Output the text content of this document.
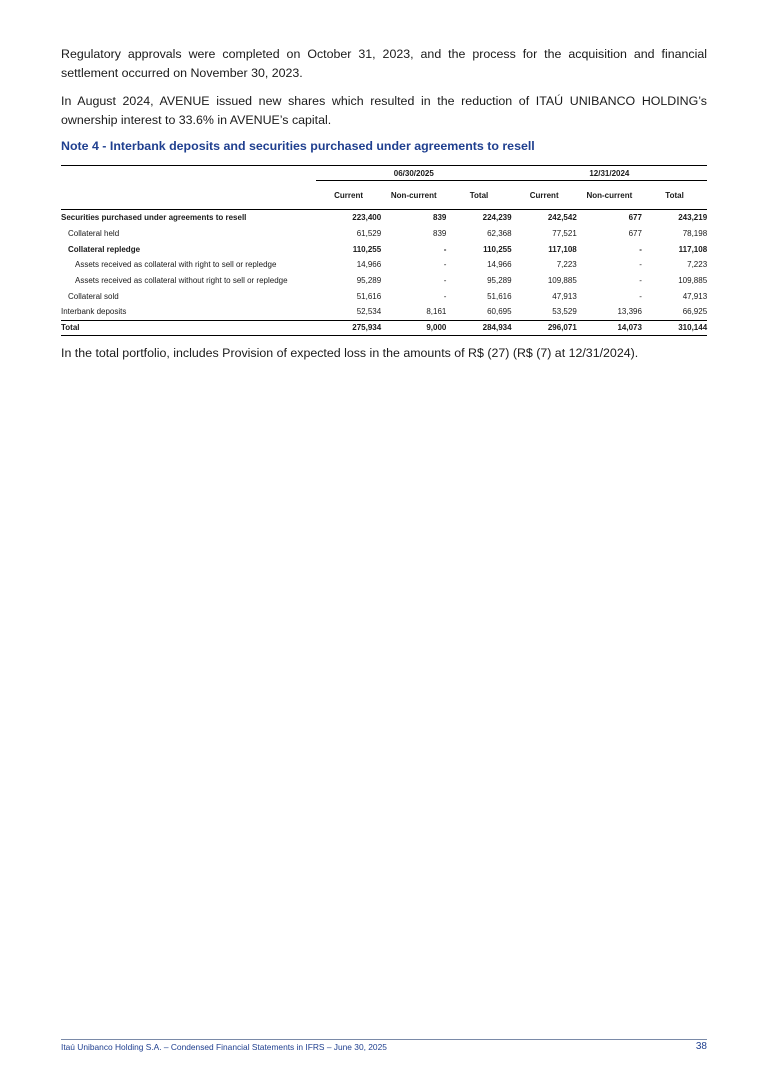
Regulatory approvals were completed on October 31, 2023, and the process for the acquisition and financial settlement occurred on November 30, 2023.

In August 2024, AVENUE issued new shares which resulted in the reduction of ITAÚ UNIBANCO HOLDING’s ownership interest to 33.6% in AVENUE’s capital.

Note 4 - Interbank deposits and securities purchased under agreements to resell
	06/30/2025			12/31/2024		
	Current	Non-current	Total	Current	Non-current	Total
Securities purchased under agreements to resell	223,400	839	224,239	242,542	677	243,219
Collateral held	61,529	839	62,368	77,521	677	78,198
Collateral repledge	110,255	-	110,255	117,108	-	117,108
Assets received as collateral with right to sell or repledge	14,966	-	14,966	7,223	-	7,223
Assets received as collateral without right to sell or repledge	95,289	-	95,289	109,885	-	109,885
Collateral sold	51,616	-	51,616	47,913	-	47,913
Interbank deposits	52,534	8,161	60,695	53,529	13,396	66,925
Total	275,934	9,000	284,934	296,071	14,073	310,144

In the total portfolio, includes Provision of expected loss in the amounts of R$ (27) (R$ (7) at 12/31/2024).

Itaú Unibanco Holding S.A. – Condensed Financial Statements in IFRS – June 30, 2025	38
